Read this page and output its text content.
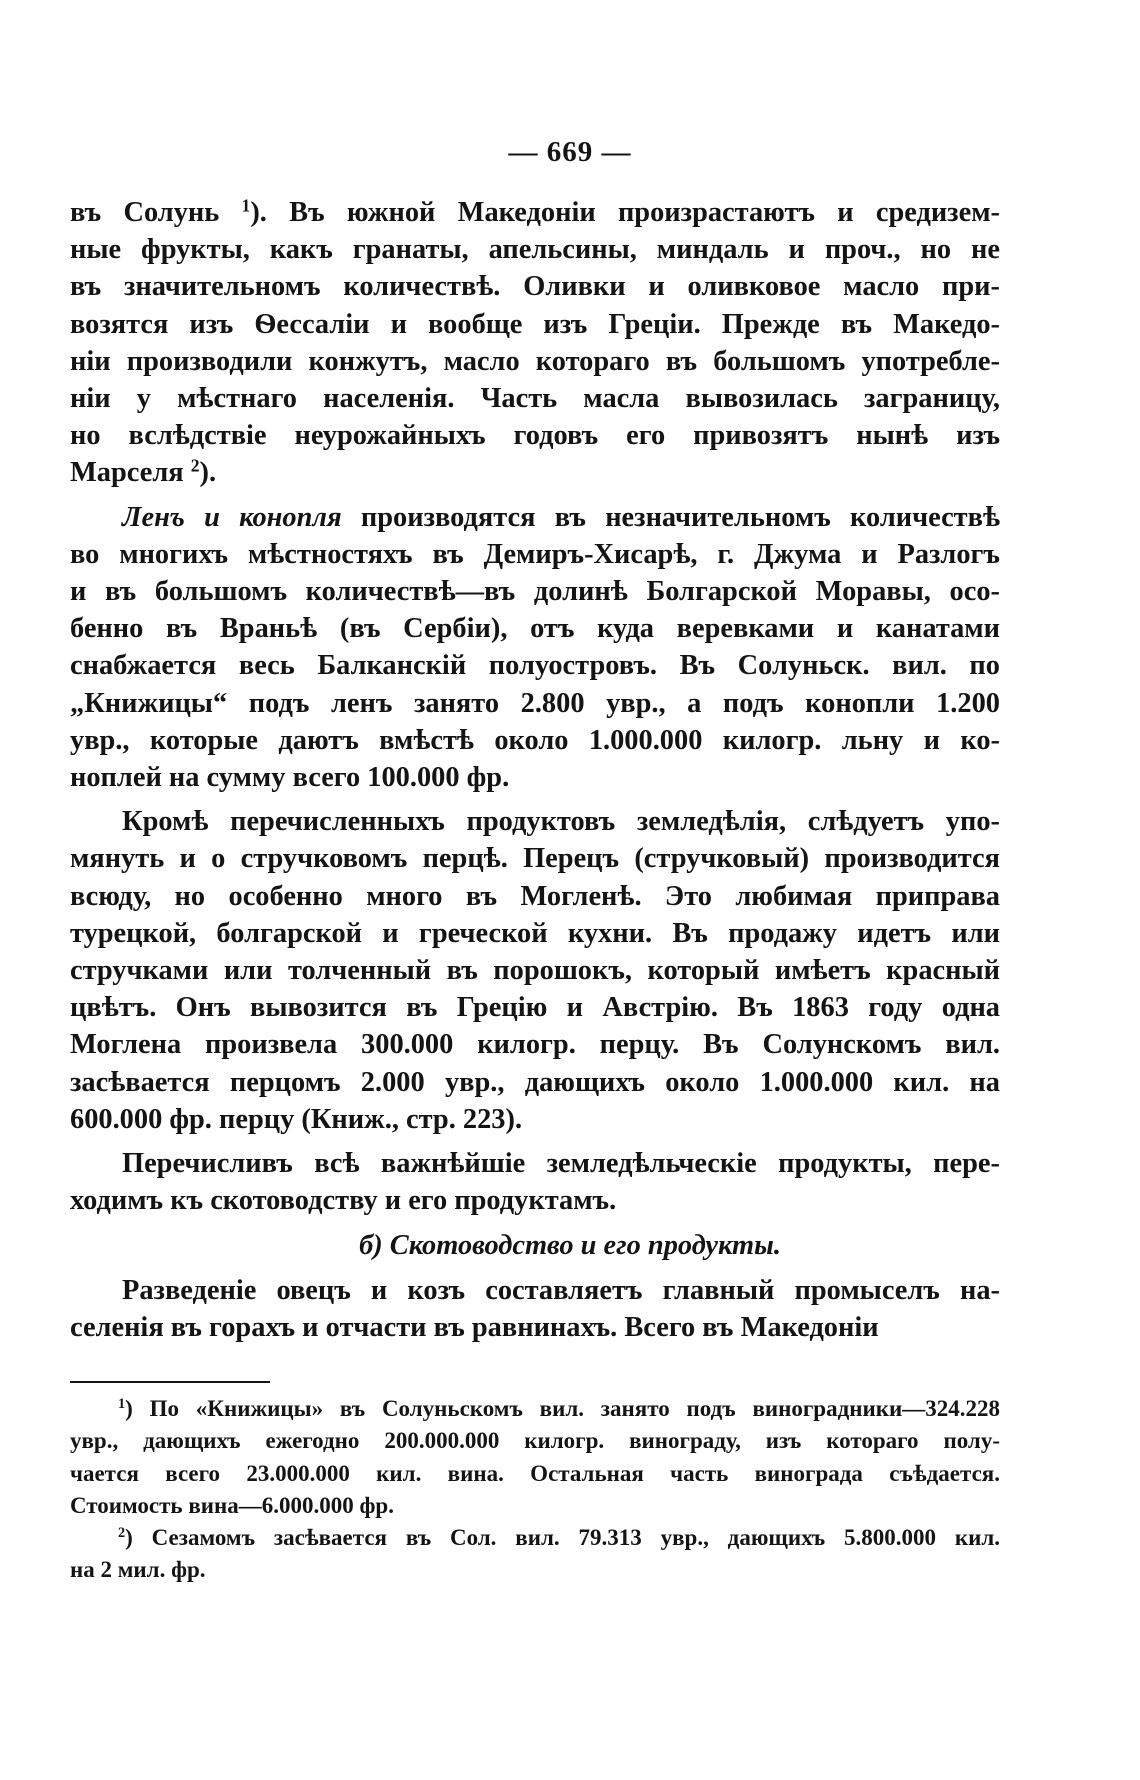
— 669 —
въ Солунь $^1$). Въ южной Македоніи произрастаютъ и средизем-
ные фрукты, какъ гранаты, апельсины, миндаль и проч., но не
въ значительномъ количествѣ. Оливки и оливковое масло при-
возятся изъ Ѳессаліи и вообще изъ Греціи. Прежде въ Македо-
ніи производили конжутъ, масло котораго въ большомъ употребле-
ніи у мѣстнаго населенія. Часть масла вывозилась заграницу,
но вслѣдствіе неурожайныхъ годовъ его привозятъ нынѣ изъ
Марселя $^2$).
Ленъ и конопля производятся въ незначительномъ количествѣ
во многихъ мѣстностяхъ въ Демиръ-Хисарѣ, г. Джума и Разлогъ
и въ большомъ количествѣ—въ долинѣ Болгарской Моравы, осо-
бенно въ Враньѣ (въ Сербіи), отъ куда веревками и канатами
снабжается весь Балканскій полуостровъ. Въ Солуньск. вил. по
„Книжицы“ подъ ленъ занято 2.800 увр., а подъ конопли 1.200
увр., которые даютъ вмѣстѣ около 1.000.000 килогр. льну и ко-
ноплей на сумму всего 100.000 фр.
Кромѣ перечисленныхъ продуктовъ земледѣлія, слѣдуетъ упо-
мянуть и о стручковомъ перцѣ. Перецъ (стручковый) производится
всюду, но особенно много въ Могленѣ. Это любимая приправа
турецкой, болгарской и греческой кухни. Въ продажу идетъ или
стручками или толченный въ порошокъ, который имѣетъ красный
цвѣтъ. Онъ вывозится въ Грецію и Австрію. Въ 1863 году одна
Моглена произвела 300.000 килогр. перцу. Въ Солунскомъ вил.
засѣвается перцомъ 2.000 увр., дающихъ около 1.000.000 кил. на
600.000 фр. перцу (Книж., стр. 223).
Перечисливъ всѣ важнѣйшіе земледѣльческіе продукты, пере-
ходимъ къ скотоводству и его продуктамъ.
б) Скотоводство и его продукты.
Разведеніе овецъ и козъ составляетъ главный промыселъ на-
селенія въ горахъ и отчасти въ равнинахъ. Всего въ Македоніи
$^1$) По «Книжицы» въ Солуньскомъ вил. занято подъ виноградники—324.228
увр., дающихъ ежегодно 200.000.000 килогр. винограду, изъ котораго полу-
чается всего 23.000.000 кил. вина. Остальная часть винограда съѣдается.
Стоимость вина—6.000.000 фр.
$^2$) Сезамомъ засѣвается въ Сол. вил. 79.313 увр., дающихъ 5.800.000 кил.
на 2 мил. фр.
